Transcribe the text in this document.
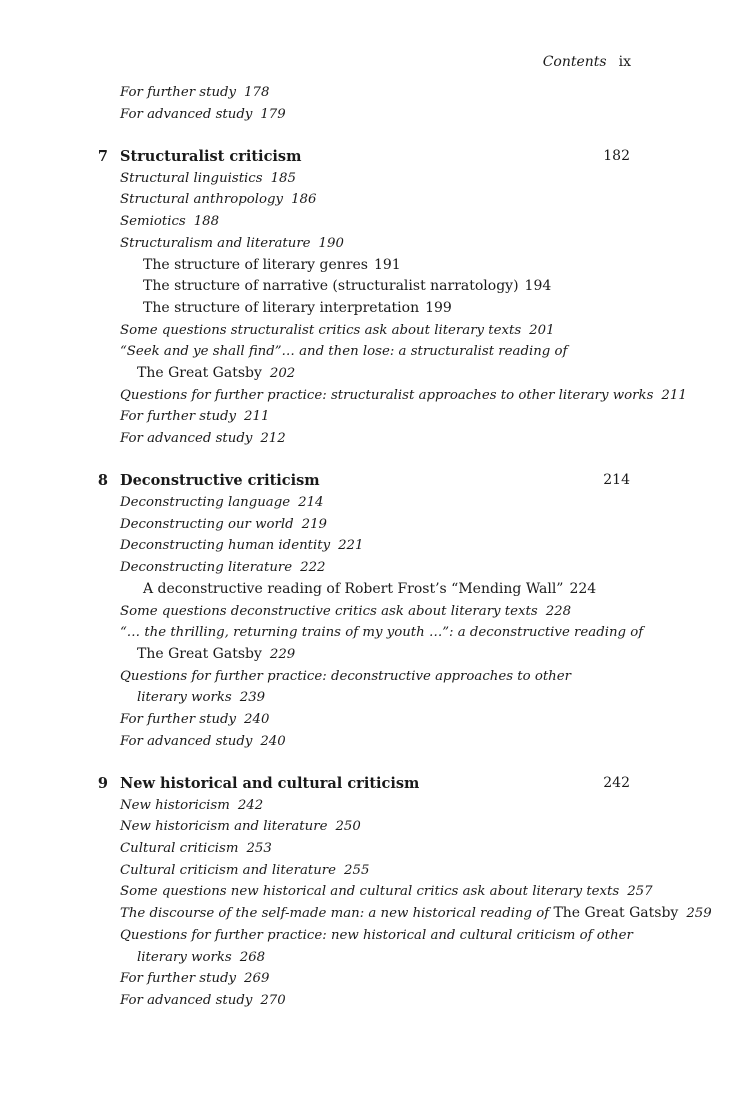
Contents ix
For further study 178
For advanced study 179
7 Structuralist criticism	182
Structural linguistics 185
Structural anthropology 186
Semiotics 188
Structuralism and literature 190
The structure of literary genres 191
The structure of narrative (structuralist narratology) 194
The structure of literary interpretation 199
Some questions structuralist critics ask about literary texts 201
“Seek and ye shall find”… and then lose: a structuralist reading of
The Great Gatsby 202
Questions for further practice: structuralist approaches to other literary works 211
For further study 211
For advanced study 212
8 Deconstructive criticism	214
Deconstructing language 214
Deconstructing our world 219
Deconstructing human identity 221
Deconstructing literature 222
A deconstructive reading of Robert Frost’s “Mending Wall” 224
Some questions deconstructive critics ask about literary texts 228
“… the thrilling, returning trains of my youth …”: a deconstructive reading of
The Great Gatsby 229
Questions for further practice: deconstructive approaches to other
literary works 239
For further study 240
For advanced study 240
9 New historical and cultural criticism	242
New historicism 242
New historicism and literature 250
Cultural criticism 253
Cultural criticism and literature 255
Some questions new historical and cultural critics ask about literary texts 257
The discourse of the self-made man: a new historical reading of The Great Gatsby 259
Questions for further practice: new historical and cultural criticism of other
literary works 268
For further study 269
For advanced study 270
